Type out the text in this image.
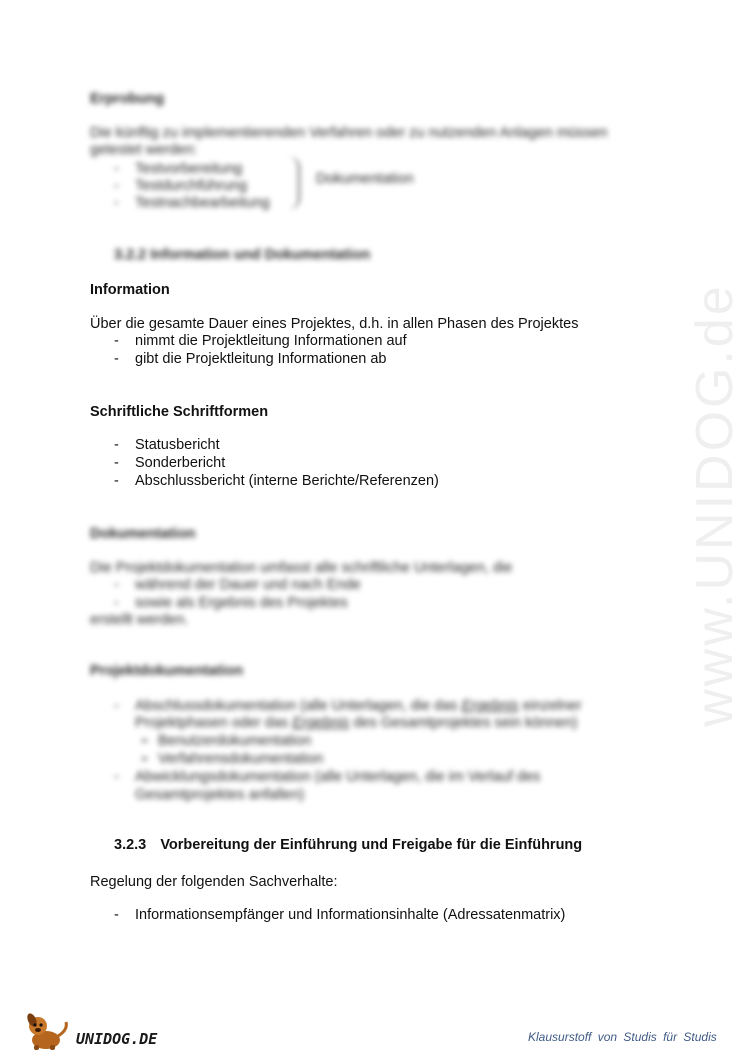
www.UNIDOG.de
Erprobung
Die künftig zu implementierenden Verfahren oder zu nutzenden Anlagen müssen
getestet werden:
- Testvorbereitung
- Testdurchführung
- Testnachbearbeitung
Dokumentation
3.2.2 Information und Dokumentation
Information
Über die gesamte Dauer eines Projektes, d.h. in allen Phasen des Projektes
- nimmt die Projektleitung Informationen auf
- gibt die Projektleitung Informationen ab
Schriftliche Schriftformen
- Statusbericht
- Sonderbericht
- Abschlussbericht (interne Berichte/Referenzen)
Dokumentation
Die Projektdokumentation umfasst alle schriftliche Unterlagen, die
- während der Dauer und nach Ende
- sowie als Ergebnis des Projektes
erstellt werden.
Projektdokumentation
- Abschlussdokumentation (alle Unterlagen, die das Ergebnis einzelner
Projektphasen oder das Ergebnis des Gesamtprojektes sein können)
➢ Benutzerdokumentation
➢ Verfahrensdokumentation
- Abwicklungsdokumentation (alle Unterlagen, die im Verlauf des
Gesamtprojektes anfallen)
3.2.3 Vorbereitung der Einführung und Freigabe für die Einführung
Regelung der folgenden Sachverhalte:
- Informationsempfänger und Informationsinhalte (Adressatenmatrix)
UNIDOG.DE	Klausurstoff von Studis für Studis
